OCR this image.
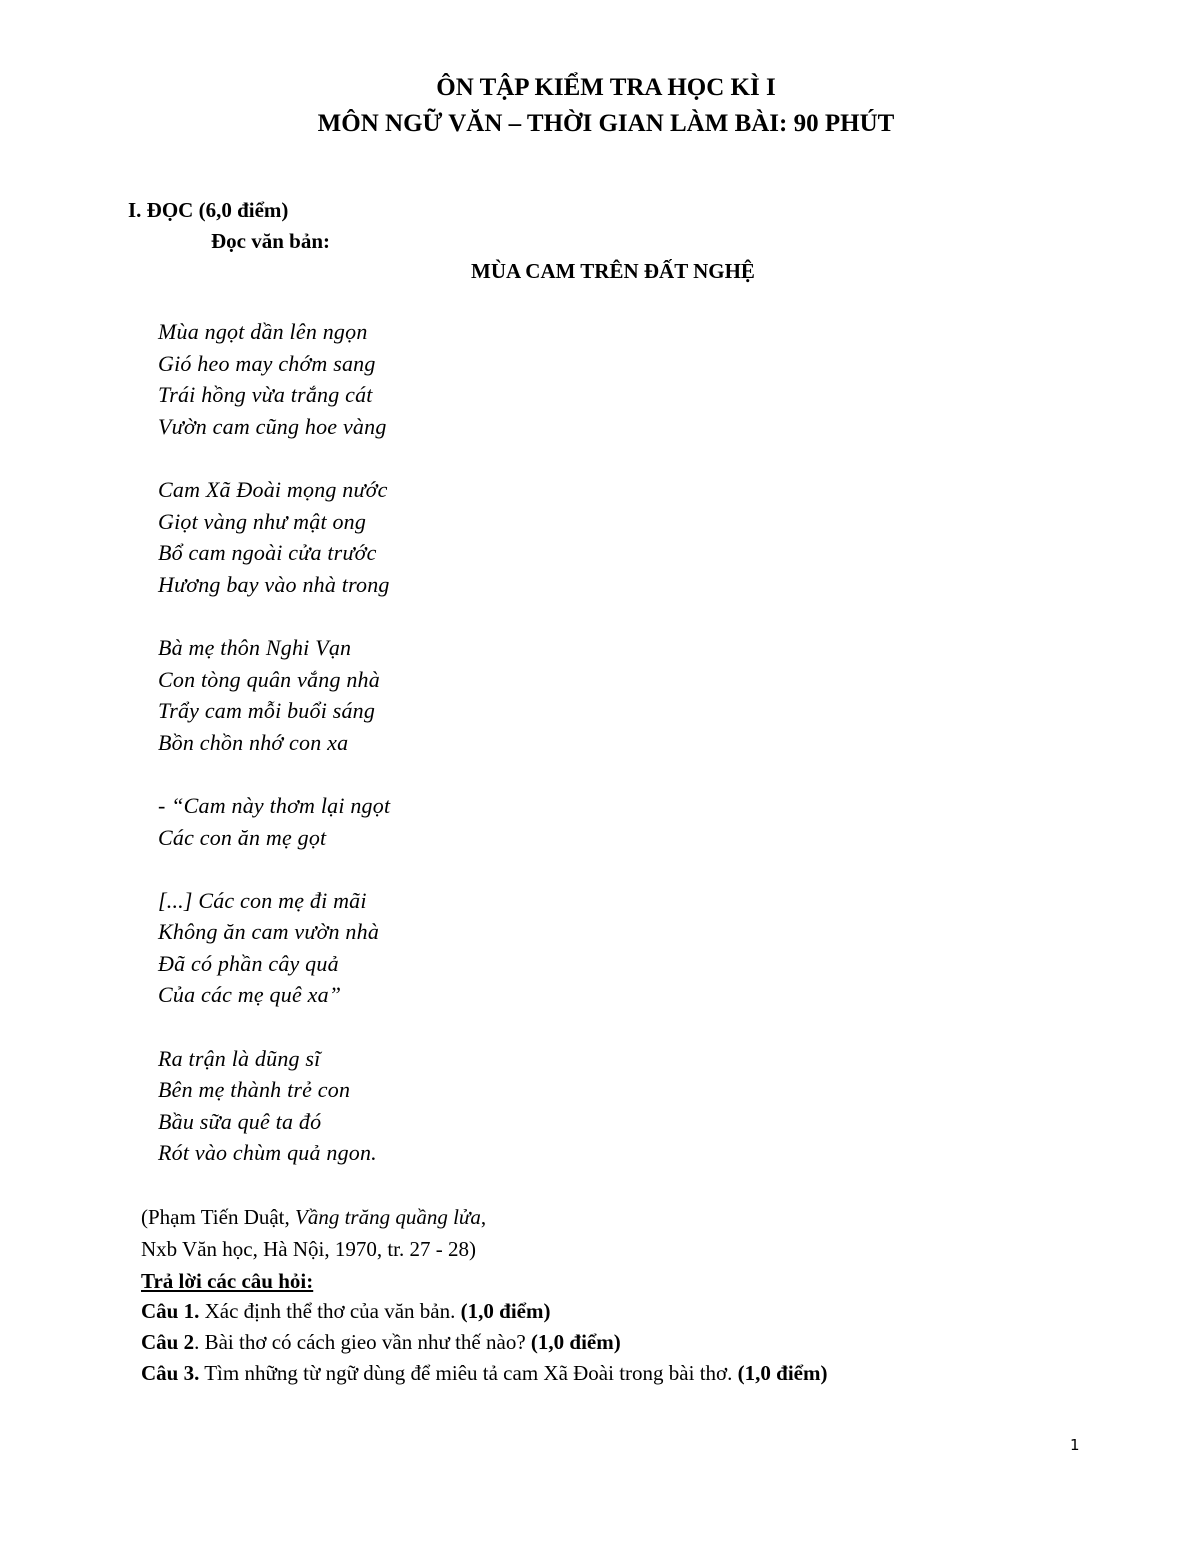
ÔN TẬP KIỂM TRA HỌC KÌ I
MÔN NGỮ VĂN – THỜI GIAN LÀM BÀI: 90 PHÚT
I. ĐỌC (6,0 điểm)
Đọc văn bản:
MÙA CAM TRÊN ĐẤT NGHỆ
Mùa ngọt dần lên ngọn
Gió heo may chớm sang
Trái hồng vừa trắng cát
Vườn cam cũng hoe vàng
Cam Xã Đoài mọng nước
Giọt vàng như mật ong
Bổ cam ngoài cửa trước
Hương bay vào nhà trong
Bà mẹ thôn Nghi Vạn
Con tòng quân vắng nhà
Trẩy cam mỗi buổi sáng
Bồn chồn nhớ con xa
- “Cam này thơm lại ngọt
Các con ăn mẹ gọt
[...] Các con mẹ đi mãi
Không ăn cam vườn nhà
Đã có phần cây quả
Của các mẹ quê xa”
Ra trận là dũng sĩ
Bên mẹ thành trẻ con
Bầu sữa quê ta đó
Rót vào chùm quả ngon.
(Phạm Tiến Duật, Vầng trăng quầng lửa,
Nxb Văn học, Hà Nội, 1970, tr. 27 - 28)
Trả lời các câu hỏi:
Câu 1. Xác định thể thơ của văn bản. (1,0 điểm)
Câu 2. Bài thơ có cách gieo vần như thế nào? (1,0 điểm)
Câu 3. Tìm những từ ngữ dùng để miêu tả cam Xã Đoài trong bài thơ. (1,0 điểm)
1
